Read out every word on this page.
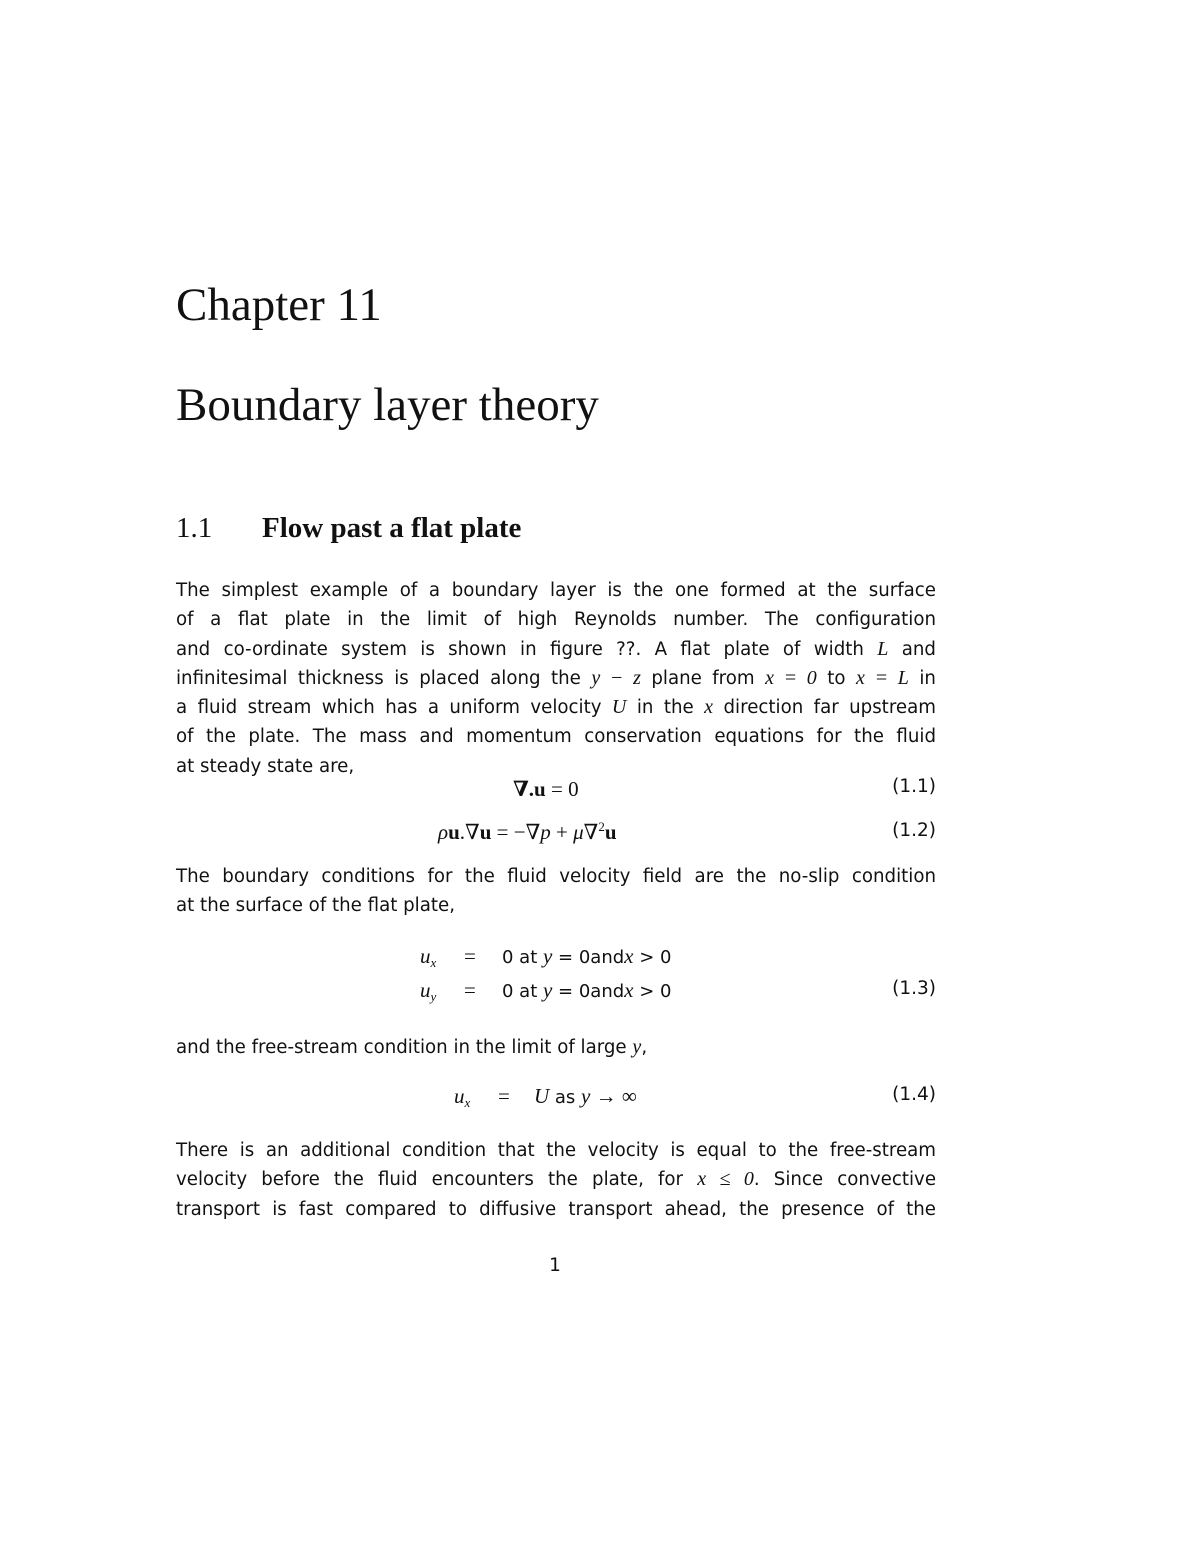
Chapter 11
Boundary layer theory
1.1 Flow past a flat plate
The simplest example of a boundary layer is the one formed at the surface
of a flat plate in the limit of high Reynolds number. The configuration
and co-ordinate system is shown in figure ??. A flat plate of width L and
infinitesimal thickness is placed along the y − z plane from x = 0 to x = L in
a fluid stream which has a uniform velocity U in the x direction far upstream
of the plate. The mass and momentum conservation equations for the fluid
at steady state are,
∇.u = 0	(1.1)
ρu.∇u = −∇p + μ∇$^2$u	(1.2)
The boundary conditions for the fluid velocity field are the no-slip condition
at the surface of the flat plate,
$u_x = 0$ at y = 0andx > 0
$u_y = 0$ at y = 0andx > 0	(1.3)
and the free-stream condition in the limit of large y,
$u_x = U$ as y → ∞	(1.4)
There is an additional condition that the velocity is equal to the free-stream
velocity before the fluid encounters the plate, for x ≤ 0. Since convective
transport is fast compared to diffusive transport ahead, the presence of the
1
